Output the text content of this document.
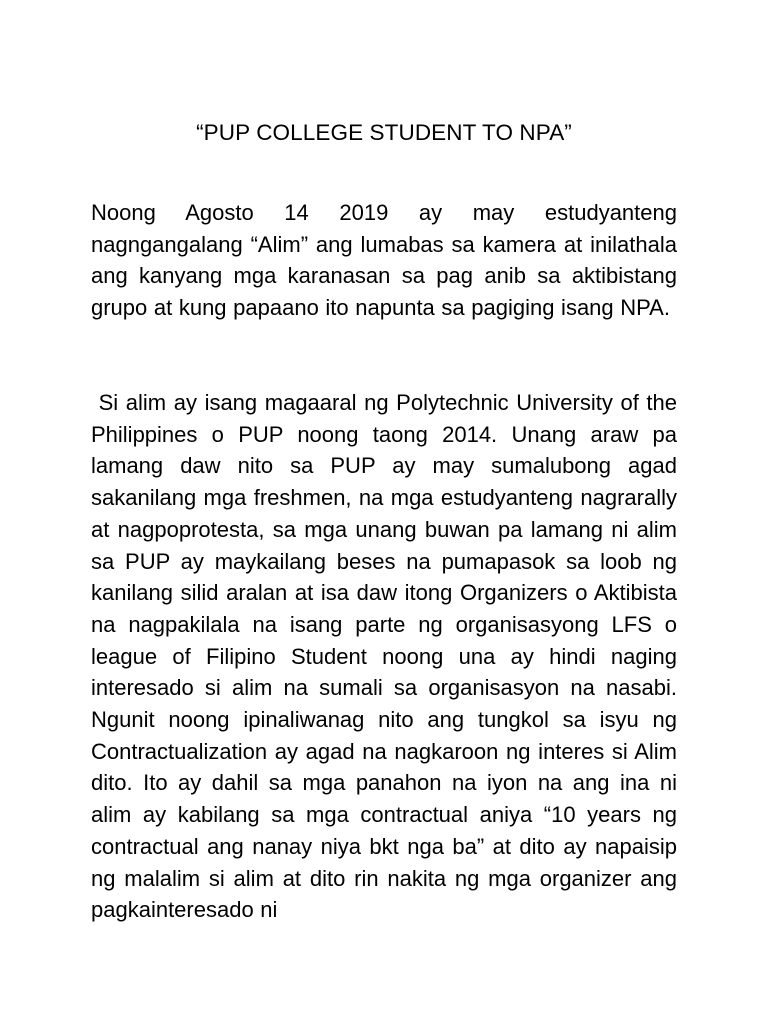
“PUP COLLEGE STUDENT TO NPA”

Noong Agosto 14 2019 ay may estudyanteng nagngangalang “Alim” ang lumabas sa kamera at inilathala ang kanyang mga karanasan sa pag anib sa aktibistang grupo at kung papaano ito napunta sa pagiging isang NPA.

Si alim ay isang magaaral ng Polytechnic University of the Philippines o PUP noong taong 2014. Unang araw pa lamang daw nito sa PUP ay may sumalubong agad sakanilang mga freshmen, na mga estudyanteng nagrarally at nagpoprotesta, sa mga unang buwan pa lamang ni alim sa PUP ay maykailang beses na pumapasok sa loob ng kanilang silid aralan at isa daw itong Organizers o Aktibista na nagpakilala na isang parte ng organisasyong LFS o league of Filipino Student noong una ay hindi naging interesado si alim na sumali sa organisasyon na nasabi. Ngunit noong ipinaliwanag nito ang tungkol sa isyu ng Contractualization ay agad na nagkaroon ng interes si Alim dito. Ito ay dahil sa mga panahon na iyon na ang ina ni alim ay kabilang sa mga contractual aniya “10 years ng contractual ang nanay niya bkt nga ba” at dito ay napaisip ng malalim si alim at dito rin nakita ng mga organizer ang pagkainteresado ni
